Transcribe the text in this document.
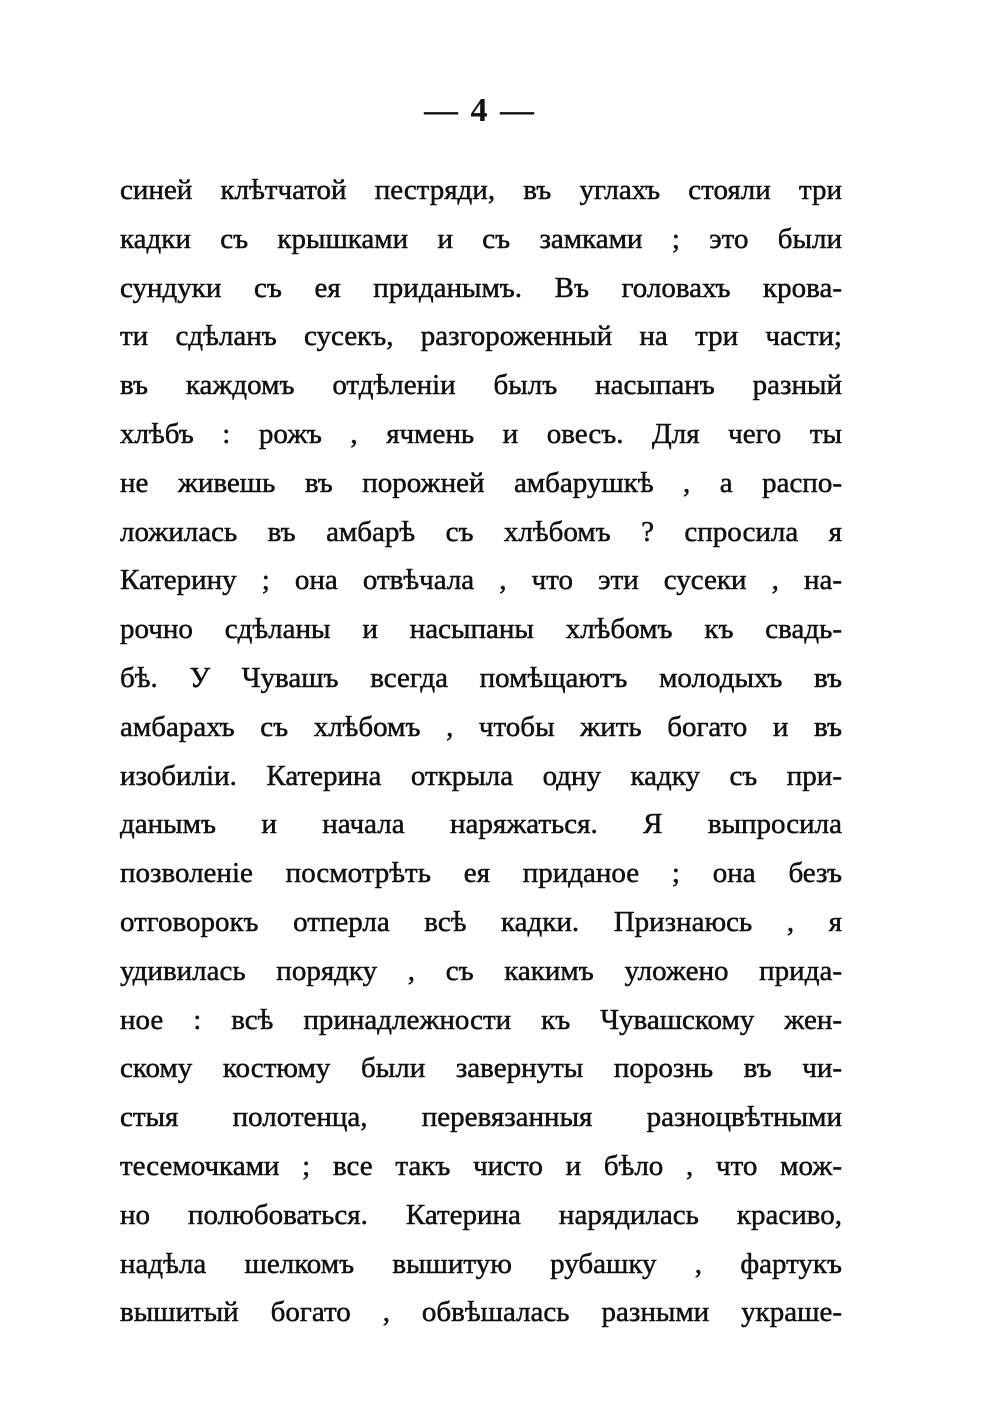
— 4 —
синей клѣтчатой пестряди, въ углахъ стояли три
кадки съ крышками и съ замками ; это были
сундуки съ ея приданымъ. Въ головахъ крова-
ти сдѣланъ сусекъ, разгороженный на три части;
въ каждомъ отдѣленіи былъ насыпанъ разный
хлѣбъ : рожъ , ячмень и овесъ. Для чего ты
не живешь въ порожней амбарушкѣ , а распо-
ложилась въ амбарѣ съ хлѣбомъ ? спросила я
Катерину ; она отвѣчала , что эти сусеки , на-
рочно сдѣланы и насыпаны хлѣбомъ къ свадь-
бѣ. У Чувашъ всегда помѣщаютъ молодыхъ въ
амбарахъ съ хлѣбомъ , чтобы жить богато и въ
изобиліи. Катерина открыла одну кадку съ при-
данымъ и начала наряжаться. Я выпросила
позволеніе посмотрѣть ея приданое ; она безъ
отговорокъ отперла всѣ кадки. Признаюсь , я
удивилась порядку , съ какимъ уложено прида-
ное : всѣ принадлежности къ Чувашскому жен-
скому костюму были завернуты порознь въ чи-
стыя полотенца, перевязанныя разноцвѣтными
тесемочками ; все такъ чисто и бѣло , что мож-
но полюбоваться. Катерина нарядилась красиво,
надѣла шелкомъ вышитую рубашку , фартукъ
вышитый богато , обвѣшалась разными украше-
